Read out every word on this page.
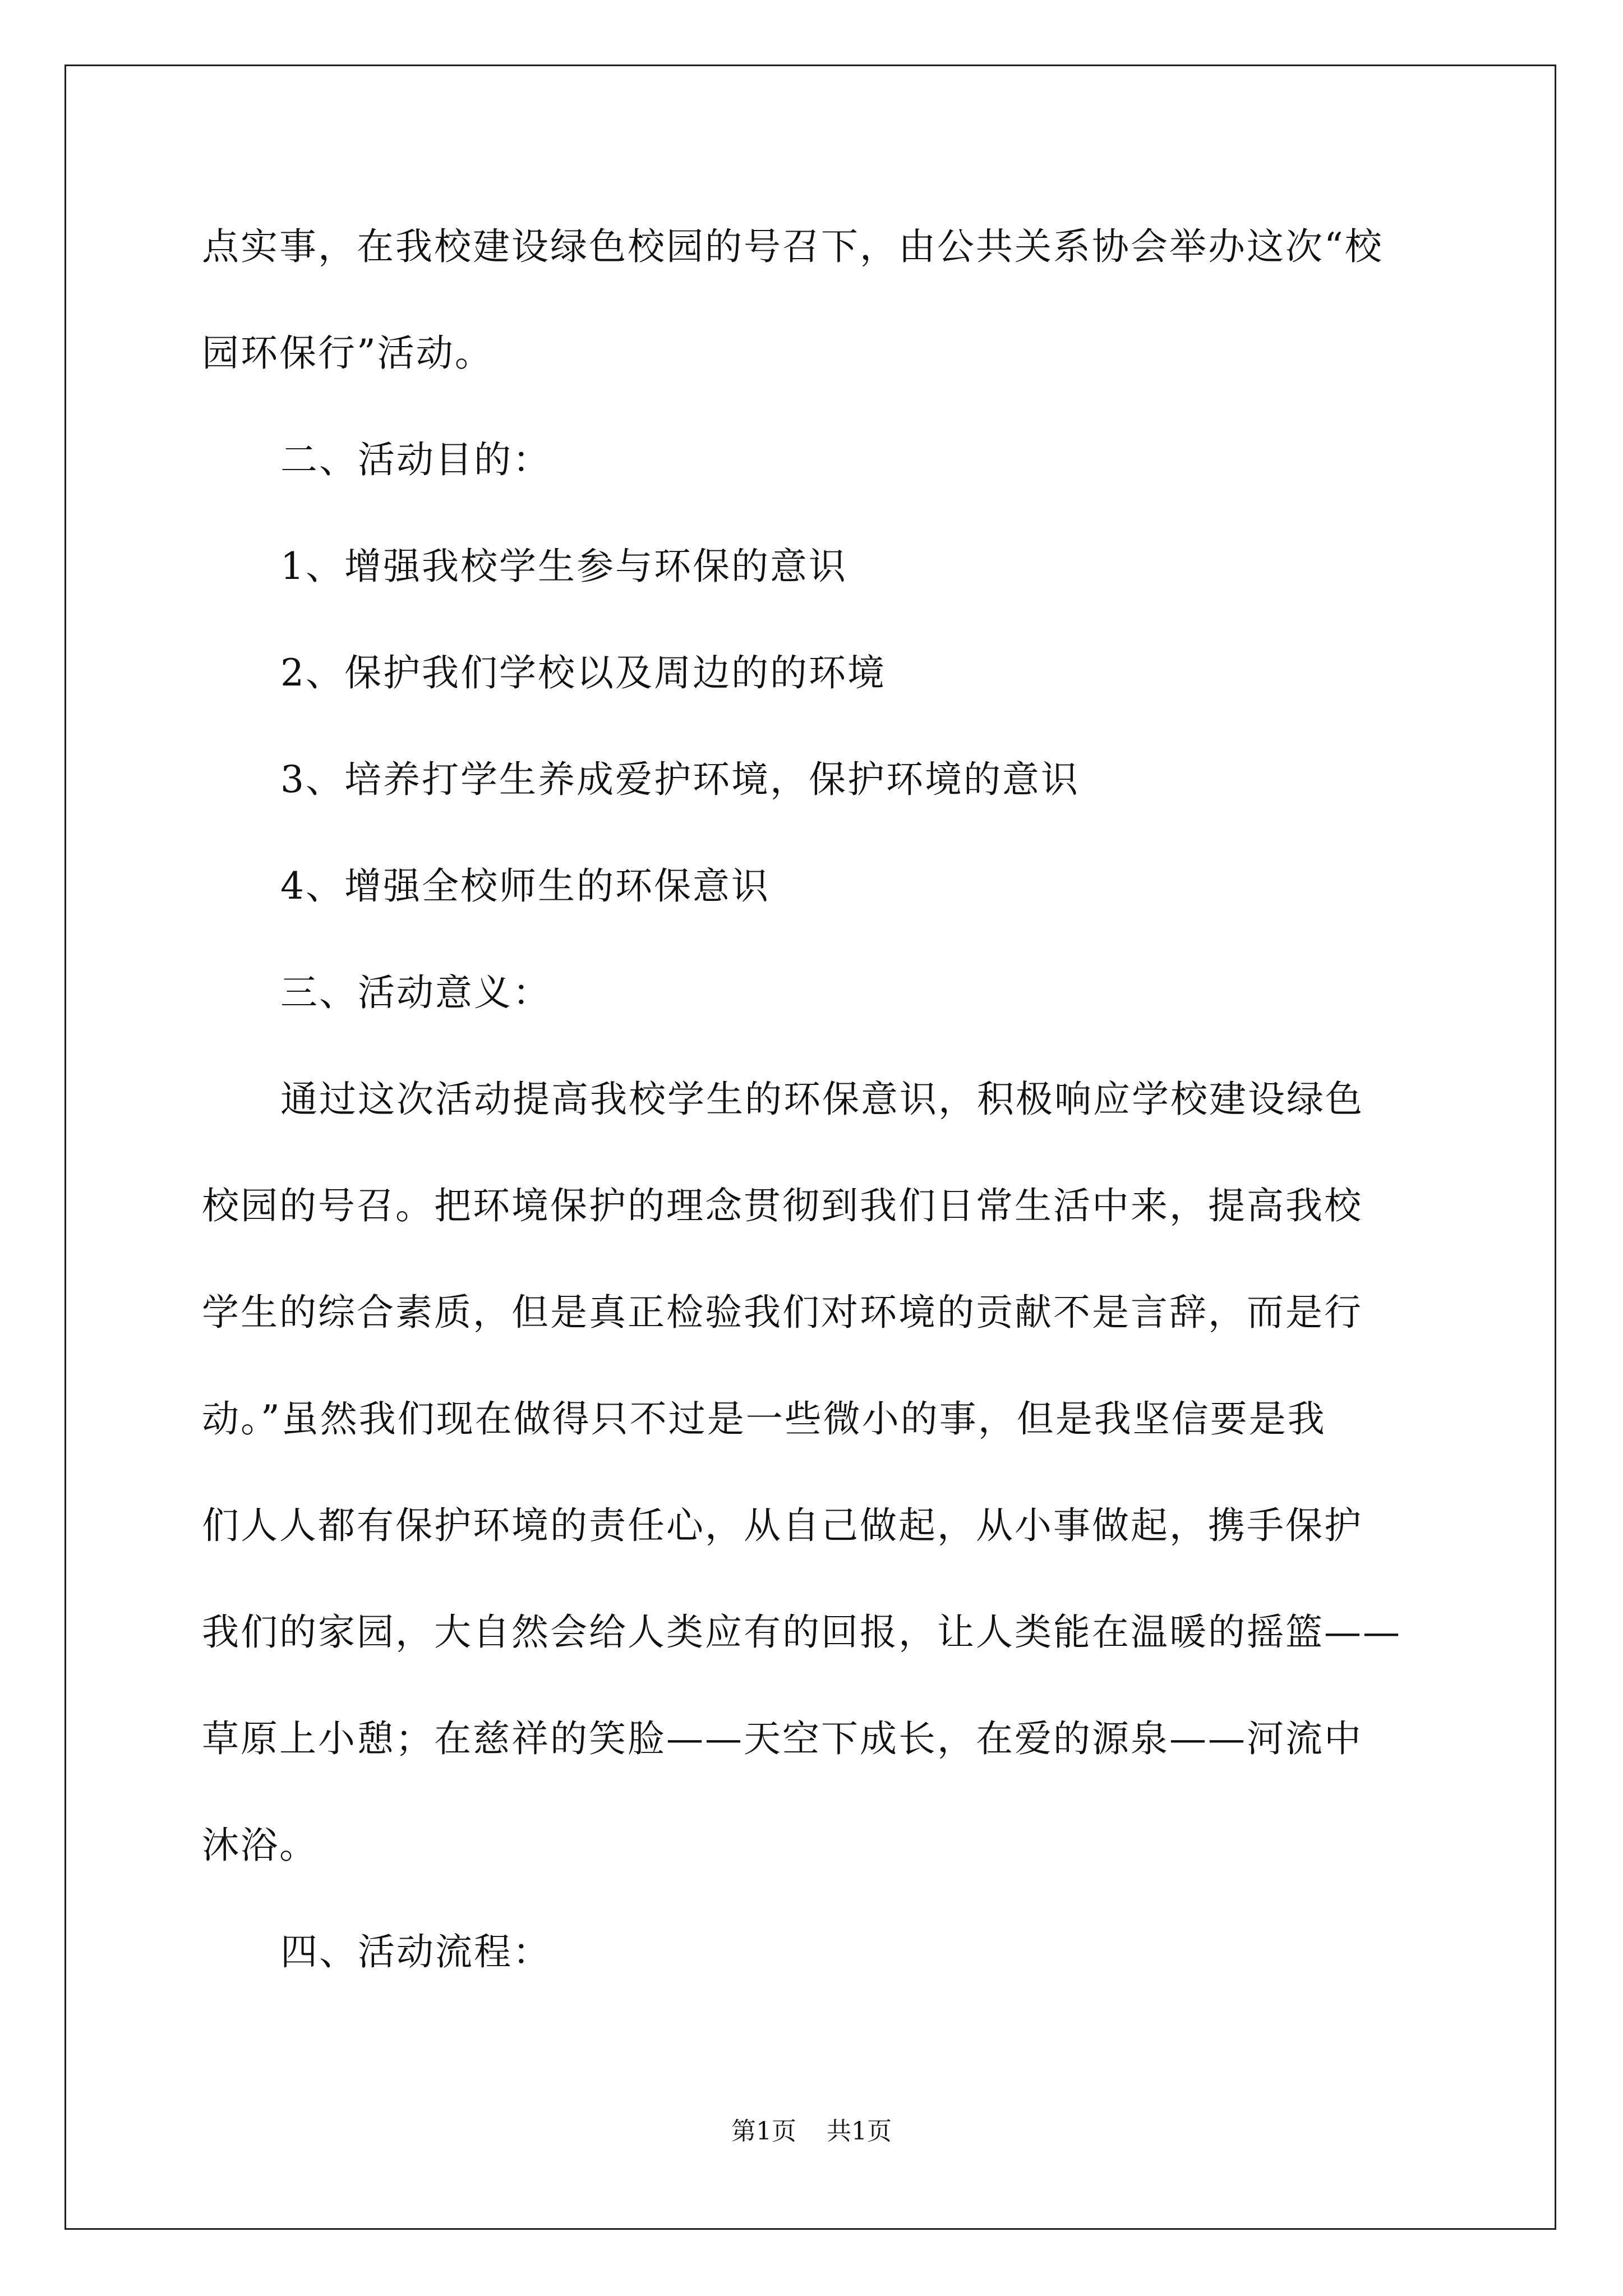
点实事，在我校建设绿色校园的号召下，由公共关系协会举办这次“校
园环保行”活动。
二、活动目的：
1、增强我校学生参与环保的意识
2、保护我们学校以及周边的的环境
3、培养打学生养成爱护环境，保护环境的意识
4、增强全校师生的环保意识
三、活动意义：
通过这次活动提高我校学生的环保意识，积极响应学校建设绿色
校园的号召。把环境保护的理念贯彻到我们日常生活中来，提高我校
学生的综合素质，但是真正检验我们对环境的贡献不是言辞，而是行
动。”虽然我们现在做得只不过是一些微小的事，但是我坚信要是我
们人人都有保护环境的责任心，从自己做起，从小事做起，携手保护
我们的家园，大自然会给人类应有的回报，让人类能在温暖的摇篮——
草原上小憩；在慈祥的笑脸——天空下成长，在爱的源泉——河流中
沐浴。
四、活动流程：
第1页 共1页
